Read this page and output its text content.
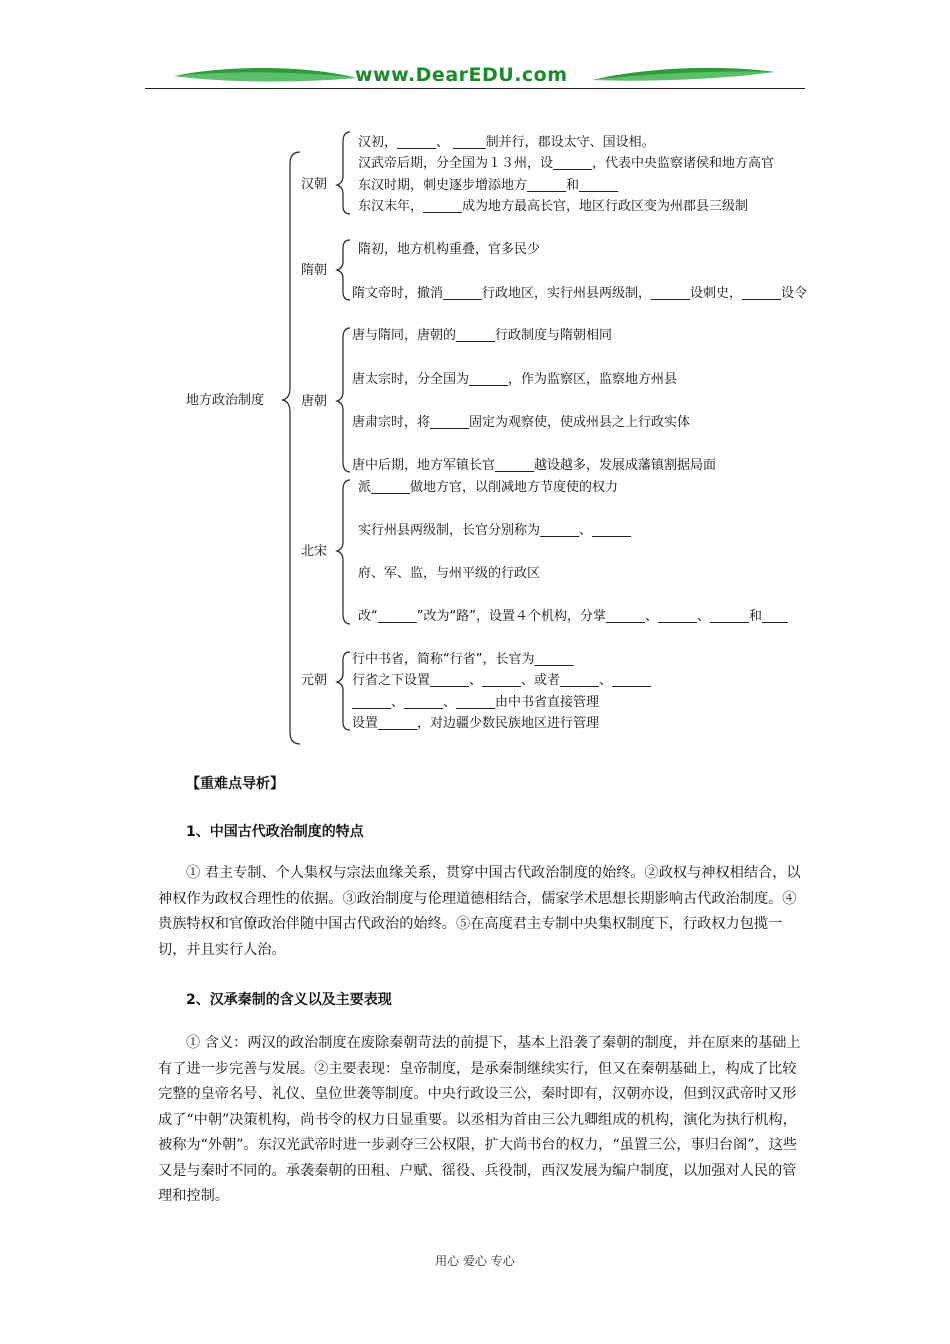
www.DearEDU.com
地方政治制度
汉朝
汉初，______、 _____制并行，郡设太守、国设相。
汉武帝后期，分全国为１３州，设______，代表中央监察诸侯和地方高官
东汉时期，刺史逐步增添地方______和______
东汉末年，______成为地方最高长官，地区行政区变为州郡县三级制
隋朝
隋初，地方机构重叠，官多民少
隋文帝时，撤消______行政地区，实行州县两级制，______设刺史，______设令
唐朝
唐与隋同，唐朝的______行政制度与隋朝相同
唐太宗时，分全国为______，作为监察区，监察地方州县
唐肃宗时，将______固定为观察使，使成州县之上行政实体
唐中后期，地方军镇长官______越设越多，发展成藩镇割据局面
北宋
派______做地方官，以削减地方节度使的权力
实行州县两级制，长官分别称为______、______
府、军、监，与州平级的行政区
改“______”改为“路”，设置４个机构，分掌______、______、______和____
元朝
行中书省，简称“行省”，长官为______
行省之下设置______、______、或者______、______
______、______、______由中书省直接管理
设置______，对边疆少数民族地区进行管理
【重难点导析】
1、中国古代政治制度的特点
① 君主专制、个人集权与宗法血缘关系，贯穿中国古代政治制度的始终。②政权与神权相结合，以神权作为政权合理性的依据。③政治制度与伦理道德相结合，儒家学术思想长期影响古代政治制度。④贵族特权和官僚政治伴随中国古代政治的始终。⑤在高度君主专制中央集权制度下，行政权力包揽一切，并且实行人治。
2、汉承秦制的含义以及主要表现
① 含义：两汉的政治制度在废除秦朝苛法的前提下，基本上沿袭了秦朝的制度，并在原来的基础上有了进一步完善与发展。②主要表现：皇帝制度，是承秦制继续实行，但又在秦朝基础上，构成了比较完整的皇帝名号、礼仪、皇位世袭等制度。中央行政设三公，秦时即有，汉朝亦设，但到汉武帝时又形成了“中朝”决策机构，尚书令的权力日显重要。以丞相为首由三公九卿组成的机构，演化为执行机构，被称为“外朝”。东汉光武帝时进一步剥夺三公权限，扩大尚书台的权力，“虽置三公，事归台阁”，这些又是与秦时不同的。承袭秦朝的田租、户赋、徭役、兵役制，西汉发展为编户制度，以加强对人民的管理和控制。
用心 爱心 专心
